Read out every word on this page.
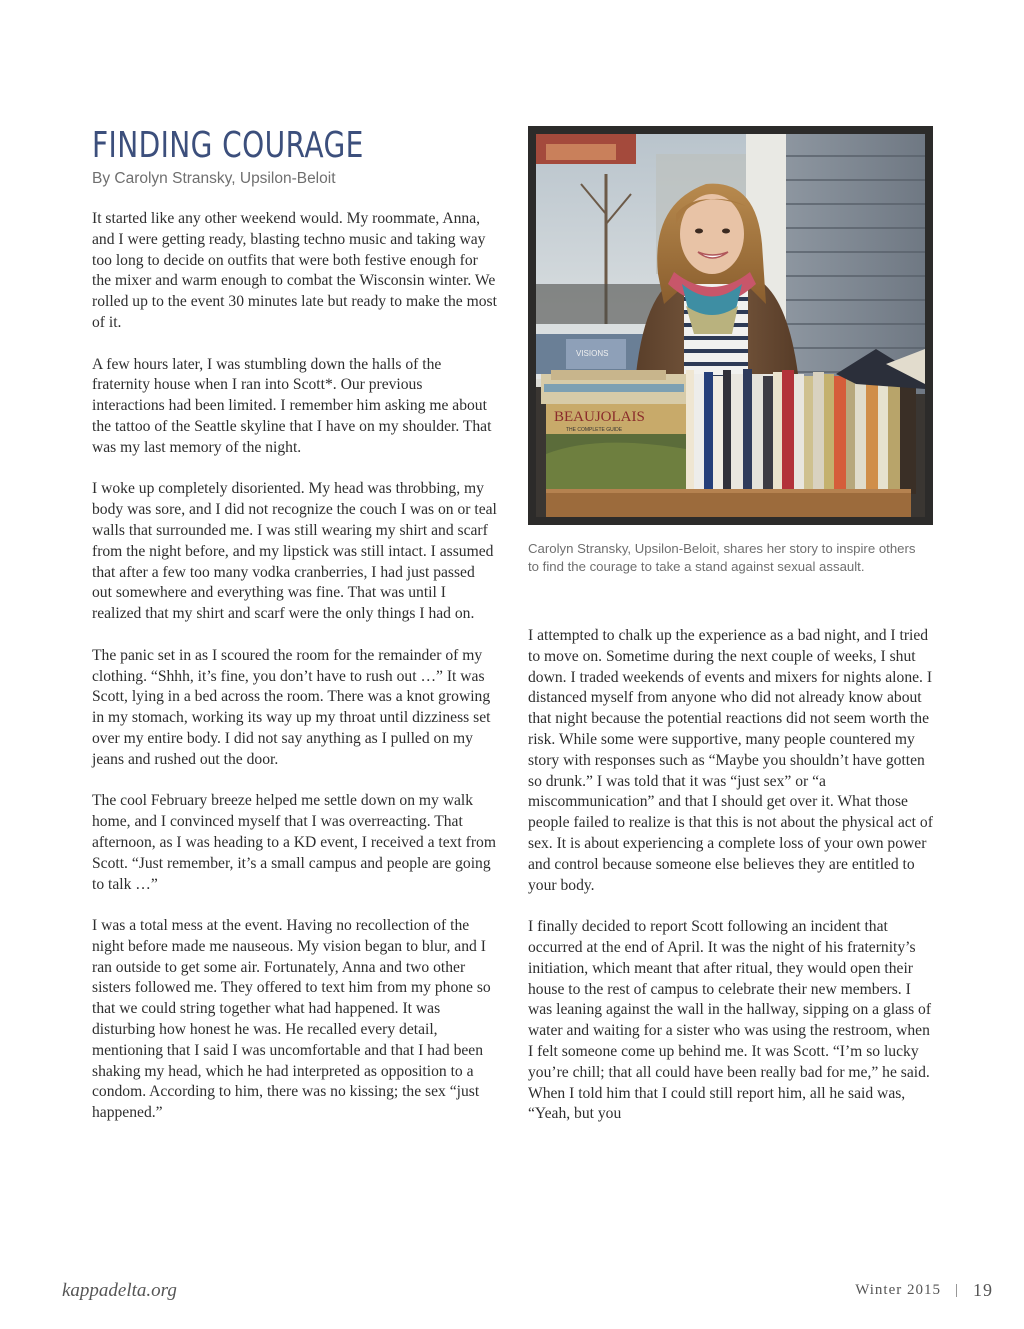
FINDING COURAGE
By Carolyn Stransky, Upsilon-Beloit

It started like any other weekend would. My roommate, Anna, and I were getting ready, blasting techno music and taking way too long to decide on outfits that were both festive enough for the mixer and warm enough to combat the Wisconsin winter. We rolled up to the event 30 minutes late but ready to make the most of it.

A few hours later, I was stumbling down the halls of the fraternity house when I ran into Scott*. Our previous interactions had been limited. I remember him asking me about the tattoo of the Seattle skyline that I have on my shoulder. That was my last memory of the night.

I woke up completely disoriented. My head was throbbing, my body was sore, and I did not recognize the couch I was on or teal walls that surrounded me. I was still wearing my shirt and scarf from the night before, and my lipstick was still intact. I assumed that after a few too many vodka cranberries, I had just passed out somewhere and everything was fine. That was until I realized that my shirt and scarf were the only things I had on.

The panic set in as I scoured the room for the remainder of my clothing. “Shhh, it’s fine, you don’t have to rush out …” It was Scott, lying in a bed across the room. There was a knot growing in my stomach, working its way up my throat until dizziness set over my entire body. I did not say anything as I pulled on my jeans and rushed out the door.

The cool February breeze helped me settle down on my walk home, and I convinced myself that I was overreacting. That afternoon, as I was heading to a KD event, I received a text from Scott. “Just remember, it’s a small campus and people are going to talk …”

I was a total mess at the event. Having no recollection of the night before made me nauseous. My vision began to blur, and I ran outside to get some air. Fortunately, Anna and two other sisters followed me. They offered to text him from my phone so that we could string together what had happened. It was disturbing how honest he was. He recalled every detail, mentioning that I said I was uncomfortable and that I had been shaking my head, which he had interpreted as opposition to a condom. According to him, there was no kissing; the sex “just happened.”

VISIONS
BEAUJOLAIS
THE COMPLETE GUIDE

Carolyn Stransky, Upsilon-Beloit, shares her story to inspire others to find the courage to take a stand against sexual assault.

I attempted to chalk up the experience as a bad night, and I tried to move on. Sometime during the next couple of weeks, I shut down. I traded weekends of events and mixers for nights alone. I distanced myself from anyone who did not already know about that night because the potential reactions did not seem worth the risk. While some were supportive, many people countered my story with responses such as “Maybe you shouldn’t have gotten so drunk.” I was told that it was “just sex” or “a miscommunication” and that I should get over it. What those people failed to realize is that this is not about the physical act of sex. It is about experiencing a complete loss of your own power and control because someone else believes they are entitled to your body.

I finally decided to report Scott following an incident that occurred at the end of April. It was the night of his fraternity’s initiation, which meant that after ritual, they would open their house to the rest of campus to celebrate their new members. I was leaning against the wall in the hallway, sipping on a glass of water and waiting for a sister who was using the restroom, when I felt someone come up behind me. It was Scott. “I’m so lucky you’re chill; that all could have been really bad for me,” he said. When I told him that I could still report him, all he said was, “Yeah, but you

kappadelta.org	Winter 2015 | 19
